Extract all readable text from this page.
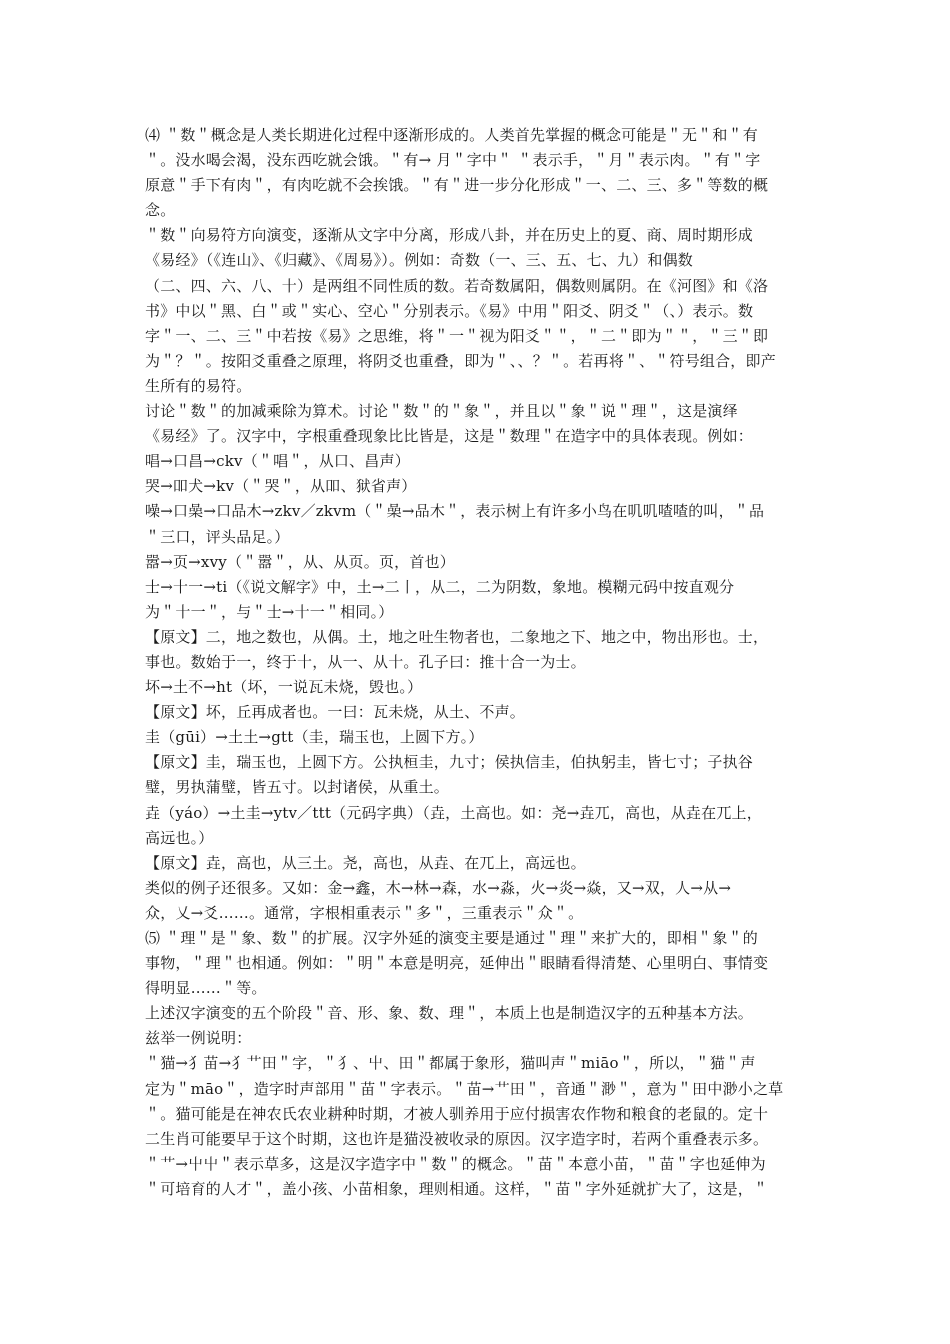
⑷ ＂数＂概念是人类长期进化过程中逐渐形成的。人类首先掌握的概念可能是＂无＂和＂有
＂。没水喝会渴，没东西吃就会饿。＂有→ 月＂字中＂ ＂表示手，＂月＂表示肉。＂有＂字
原意＂手下有肉＂，有肉吃就不会挨饿。＂有＂进一步分化形成＂一、二、三、多＂等数的概
念。
＂数＂向易符方向演变，逐渐从文字中分离，形成八卦，并在历史上的夏、商、周时期形成
《易经》（《连山》、《归藏》、《周易》）。例如：奇数（一、三、五、七、九）和偶数
（二、四、六、八、十）是两组不同性质的数。若奇数属阳，偶数则属阴。在《河图》和《洛
书》中以＂黑、白＂或＂实心、空心＂分别表示。《易》中用＂阳爻、阴爻＂（、）表示。数
字＂一、二、三＂中若按《易》之思维，将＂一＂视为阳爻＂＂，＂二＂即为＂＂，＂三＂即
为＂？＂。按阳爻重叠之原理，将阴爻也重叠，即为＂、、？＂。若再将＂、＂符号组合，即产
生所有的易符。
讨论＂数＂的加减乘除为算术。讨论＂数＂的＂象＂，并且以＂象＂说＂理＂，这是演绎
《易经》了。汉字中，字根重叠现象比比皆是，这是＂数理＂在造字中的具体表现。例如：
唱→口昌→ckv（＂唱＂，从口、昌声）
哭→吅犬→kv（＂哭＂，从吅、狱省声）
噪→口喿→口品木→zkv／zkvm（＂喿→品木＂，表示树上有许多小鸟在叽叽喳喳的叫，＂品
＂三口，评头品足。）
嚣→页→xvy（＂嚣＂，从、从页。页，首也）
士→十一→ti（《说文解字》中，土→二丨，从二，二为阴数，象地。模糊元码中按直观分
为＂十一＂，与＂士→十一＂相同。）
【原文】二，地之数也，从偶。土，地之吐生物者也，二象地之下、地之中，物出形也。士，
事也。数始于一，终于十，从一、从十。孔子曰：推十合一为士。
坏→土不→ht（坏，一说瓦未烧，毁也。）
【原文】坏，丘再成者也。一曰：瓦未烧，从土、不声。
圭（gūi）→土土→gtt（圭，瑞玉也，上圆下方。）
【原文】圭，瑞玉也，上圆下方。公执桓圭，九寸；侯执信圭，伯执躬圭，皆七寸；子执谷
璧，男执蒲璧，皆五寸。以封诸侯，从重土。
垚（yáo）→土圭→ytv／ttt（元码字典）（垚，土高也。如：尧→垚兀，高也，从垚在兀上，
高远也。）
【原文】垚，高也，从三土。尧，高也，从垚、在兀上，高远也。
类似的例子还很多。又如：金→鑫，木→林→森，水→淼，火→炎→焱，又→双，人→从→
众，乂→爻……。通常，字根相重表示＂多＂，三重表示＂众＂。
⑸ ＂理＂是＂象、数＂的扩展。汉字外延的演变主要是通过＂理＂来扩大的，即相＂象＂的
事物，＂理＂也相通。例如：＂明＂本意是明亮，延伸出＂眼睛看得清楚、心里明白、事情变
得明显……＂等。
上述汉字演变的五个阶段＂音、形、象、数、理＂，本质上也是制造汉字的五种基本方法。
兹举一例说明：
＂猫→犭苗→犭艹田＂字，＂犭、屮、田＂都属于象形，猫叫声＂miāo＂，所以，＂猫＂声
定为＂māo＂，造字时声部用＂苗＂字表示。＂苗→艹田＂，音通＂渺＂，意为＂田中渺小之草
＂。猫可能是在神农氏农业耕种时期，才被人驯养用于应付损害农作物和粮食的老鼠的。定十
二生肖可能要早于这个时期，这也许是猫没被收录的原因。汉字造字时，若两个重叠表示多。
＂艹→屮屮＂表示草多，这是汉字造字中＂数＂的概念。＂苗＂本意小苗，＂苗＂字也延伸为
＂可培育的人才＂，盖小孩、小苗相象，理则相通。这样，＂苗＂字外延就扩大了，这是，＂
